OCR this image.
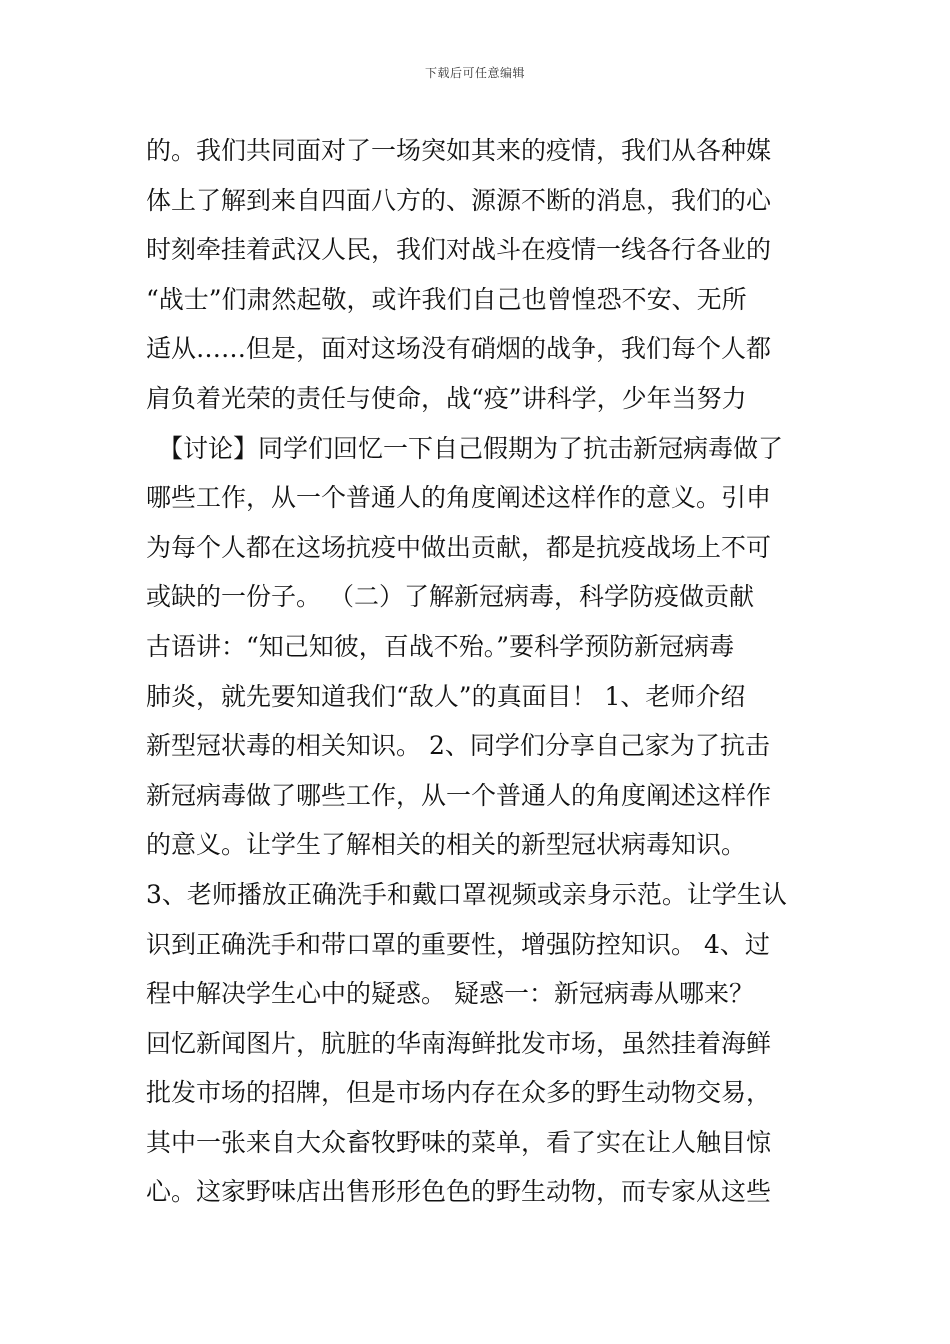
下载后可任意编辑
的。我们共同面对了一场突如其来的疫情，我们从各种媒
体上了解到来自四面八方的、源源不断的消息，我们的心
时刻牵挂着武汉人民，我们对战斗在疫情一线各行各业的
“战士”们肃然起敬，或许我们自己也曾惶恐不安、无所
适从……但是，面对这场没有硝烟的战争，我们每个人都
肩负着光荣的责任与使命，战“疫”讲科学，少年当努力
【讨论】同学们回忆一下自己假期为了抗击新冠病毒做了
哪些工作，从一个普通人的角度阐述这样作的意义。引申
为每个人都在这场抗疫中做出贡献，都是抗疫战场上不可
或缺的一份子。 （二）了解新冠病毒，科学防疫做贡献
古语讲：“知己知彼，百战不殆。”要科学预防新冠病毒
肺炎，就先要知道我们“敌人”的真面目！ 1、老师介绍
新型冠状毒的相关知识。 2、同学们分享自己家为了抗击
新冠病毒做了哪些工作，从一个普通人的角度阐述这样作
的意义。让学生了解相关的相关的新型冠状病毒知识。
3、老师播放正确洗手和戴口罩视频或亲身示范。让学生认
识到正确洗手和带口罩的重要性，增强防控知识。 4、过
程中解决学生心中的疑惑。 疑惑一：新冠病毒从哪来？
回忆新闻图片，肮脏的华南海鲜批发市场，虽然挂着海鲜
批发市场的招牌，但是市场内存在众多的野生动物交易，
其中一张来自大众畜牧野味的菜单，看了实在让人触目惊
心。这家野味店出售形形色色的野生动物，而专家从这些
